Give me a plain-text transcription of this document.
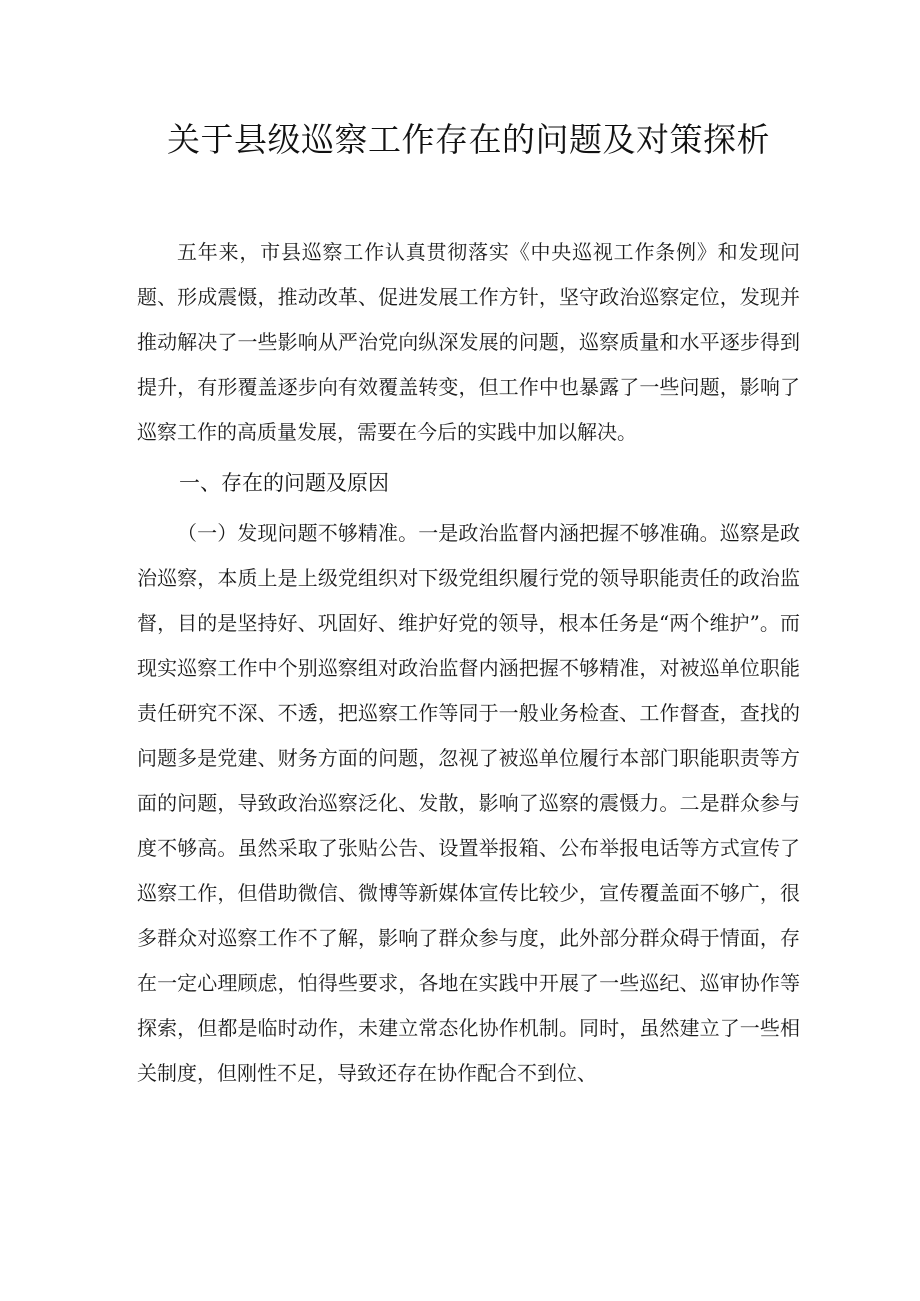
关于县级巡察工作存在的问题及对策探析

五年来，市县巡察工作认真贯彻落实《中央巡视工作条例》和发现问题、形成震慑，推动改革、促进发展工作方针，坚守政治巡察定位，发现并推动解决了一些影响从严治党向纵深发展的问题，巡察质量和水平逐步得到提升，有形覆盖逐步向有效覆盖转变，但工作中也暴露了一些问题，影响了巡察工作的高质量发展，需要在今后的实践中加以解决。

一、存在的问题及原因

（一）发现问题不够精准。一是政治监督内涵把握不够准确。巡察是政治巡察，本质上是上级党组织对下级党组织履行党的领导职能责任的政治监督，目的是坚持好、巩固好、维护好党的领导，根本任务是“两个维护”。而现实巡察工作中个别巡察组对政治监督内涵把握不够精准，对被巡单位职能责任研究不深、不透，把巡察工作等同于一般业务检查、工作督查，查找的问题多是党建、财务方面的问题，忽视了被巡单位履行本部门职能职责等方面的问题，导致政治巡察泛化、发散，影响了巡察的震慑力。二是群众参与度不够高。虽然采取了张贴公告、设置举报箱、公布举报电话等方式宣传了巡察工作，但借助微信、微博等新媒体宣传比较少，宣传覆盖面不够广，很多群众对巡察工作不了解，影响了群众参与度，此外部分群众碍于情面，存在一定心理顾虑，怕得些要求，各地在实践中开展了一些巡纪、巡审协作等探索，但都是临时动作，未建立常态化协作机制。同时，虽然建立了一些相关制度，但刚性不足，导致还存在协作配合不到位、
